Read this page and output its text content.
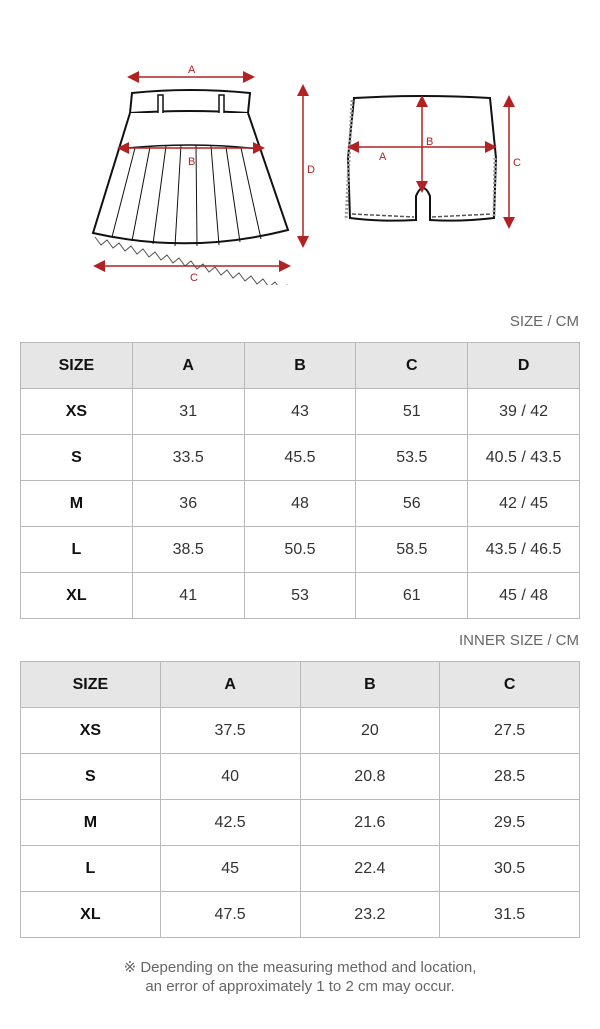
A
B
C
D
B
A	C
SIZE / CM
SIZE	A	B	C	D
XS	31	43	51	39 / 42
S	33.5	45.5	53.5	40.5 / 43.5
M	36	48	56	42 / 45
L	38.5	50.5	58.5	43.5 / 46.5
XL	41	53	61	45 / 48
INNER SIZE / CM
SIZE	A	B	C
XS	37.5	20	27.5
S	40	20.8	28.5
M	42.5	21.6	29.5
L	45	22.4	30.5
XL	47.5	23.2	31.5
※ Depending on the measuring method and location,
an error of approximately 1 to 2 cm may occur.
